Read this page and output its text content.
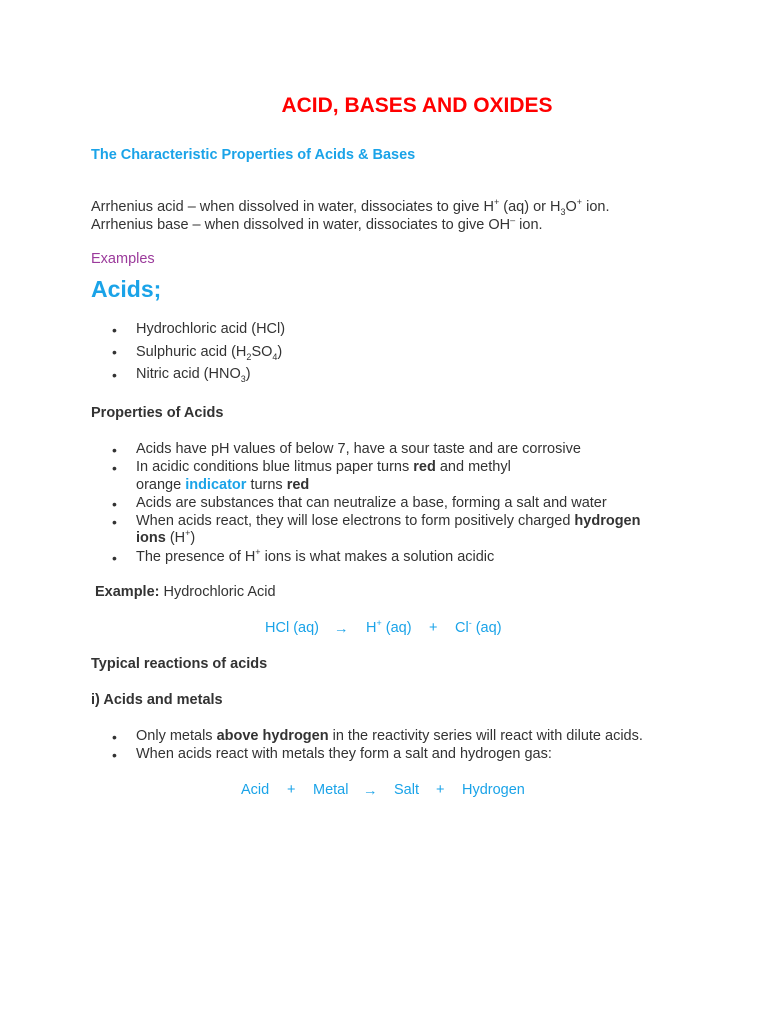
ACID, BASES AND OXIDES
The Characteristic Properties of Acids & Bases
Arrhenius acid – when dissolved in water, dissociates to give H+ (aq) or $H_3O^+$ ion.
Arrhenius base – when dissolved in water, dissociates to give OH– ion.
Examples
Acids;
• Hydrochloric acid (HCl)
• Sulphuric acid $(H_2SO_4)$
• Nitric acid $(HNO_3)$
Properties of Acids
• Acids have pH values of below 7, have a sour taste and are corrosive
• In acidic conditions blue litmus paper turns red and methyl
orange indicator turns red
• Acids are substances that can neutralize a base, forming a salt and water
• When acids react, they will lose electrons to form positively charged hydrogen
ions (H+)
• The presence of H+ ions is what makes a solution acidic
Example: Hydrochloric Acid
HCl (aq) → H+ (aq) + Cl- (aq)
Typical reactions of acids
i) Acids and metals
• Only metals above hydrogen in the reactivity series will react with dilute acids.
• When acids react with metals they form a salt and hydrogen gas:
Acid + Metal → Salt + Hydrogen
